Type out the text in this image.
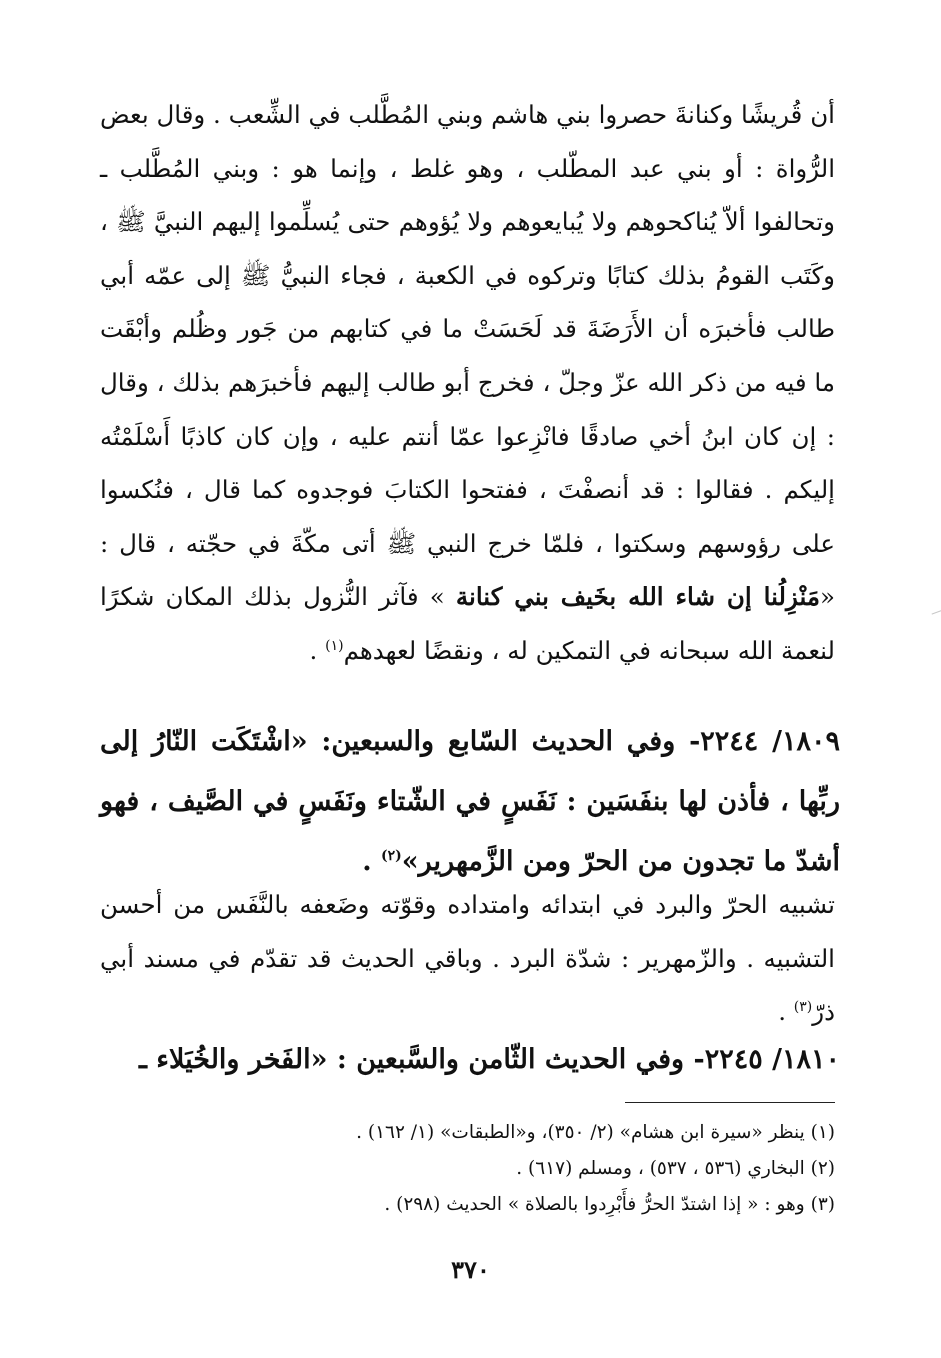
أن قُريشًا وكنانةَ حصروا بني هاشم وبني المُطَّلب في الشِّعب . وقال بعض الرُّواة : أو بني عبد المطّلب ، وهو غلط ، وإنما هو : وبني المُطَّلب ـ وتحالفوا ألاّ يُناكحوهم ولا يُبايعوهم ولا يُؤوهم حتى يُسلِّموا إليهم النبيَّ ﷺ ، وكَتَب القومُ بذلك كتابًا وتركوه في الكعبة ، فجاء النبيُّ ﷺ إلى عمّه أبي طالب فأخبرَه أن الأَرَضَةَ قد لَحَسَتْ ما في كتابهم من جَور وظُلم وأبْقَت ما فيه من ذكر الله عزّ وجلّ ، فخرج أبو طالب إليهم فأخبرَهم بذلك ، وقال : إن كان ابنُ أخي صادقًا فانْزِعوا عمّا أنتم عليه ، وإن كان كاذبًا أَسْلَمْتُه إليكم . فقالوا : قد أنصفْتَ ، ففتحوا الكتابَ فوجدوه كما قال ، فنُكسوا على رؤوسهم وسكتوا ، فلمّا خرج النبي ﷺ أتى مكّةَ في حجّته ، قال : «مَنْزِلُنا إن شاء الله بخَيف بني كنانة » فآثر النُّزول بذلك المكان شكرًا لنعمة الله سبحانه في التمكين له ، ونقضًا لعهدهم$^{(١)}$ .

١٨٠٩/ ٢٢٤٤- وفي الحديث السّابع والسبعين: «اشْتَكَت النّارُ إلى ربِّها ، فأذن لها بنفَسَين : نَفَسٍ في الشّتاء ونَفَسٍ في الصَّيف ، فهو أشدّ ما تجدون من الحرّ ومن الزَّمهرير»$^{(٢)}$ .
تشبيه الحرّ والبرد في ابتدائه وامتداده وقوّته وضَعفه بالنَّفَس من أحسن التشبيه . والزّمهرير : شدّة البرد . وباقي الحديث قد تقدّم في مسند أبي ذرّ$^{(٣)}$ .
١٨١٠/ ٢٢٤٥- وفي الحديث الثّامن والسَّبعين : «الفَخر والخُيَلاء ـ
(١) ينظر «سيرة ابن هشام» (٢/ ٣٥٠)، و«الطبقات» (١/ ١٦٢) .
(٢) البخاري (٥٣٦ ، ٥٣٧) ، ومسلم (٦١٧) .
(٣) وهو : « إذا اشتدّ الحرُّ فأَبْرِدوا بالصلاة » الحديث (٢٩٨) .
٣٧٠
